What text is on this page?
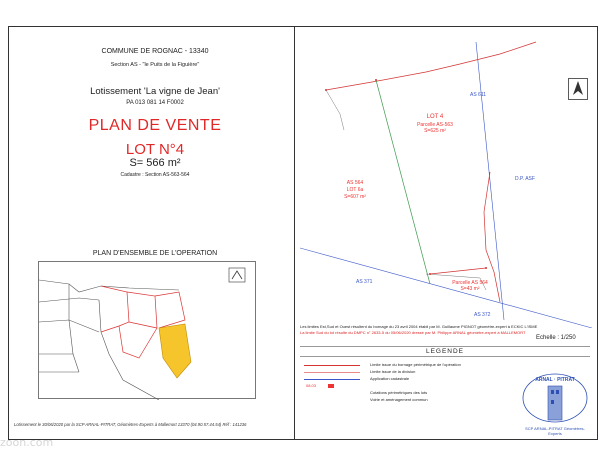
COMMUNE DE ROGNAC - 13340
Section AS - "le Puits de la Figuière"
Lotissement 'La vigne de Jean'
PA 013 081 14 F0002
PLAN DE VENTE
LOT N°4
S= 566 m²
Cadastre : Section AS-563-564
PLAN D'ENSEMBLE DE L'OPERATION
LOT 4
Parcelle AS-563
S=625 m²
AS 564
LOT 6a
S=607 m²
AS 611
D.P. ASF
AS 371
AS 372
Parcelle AS 564
S=43 m²
Les limites Est,Sud et Ouest résultent du bornage du 23 avril 2004 établi par M. Guillaume PIGNOT géomètre-expert à ECKIC L'ISME
La limite Sud du lot résulte du DMPC n° 2633-5 du 05/06/2020 dressé par M. Philippe ARNAL géomètre-expert à MALLEMORT
Echelle : 1/250
LEGENDE
Limite issue du bornage périmétrique de l'opération
Limite issue de la division
Application cadastrale
08.03
Cotations périmétriques des lots
Voirie et aménagement commun
ARNAL · PITRAT
SCP ARNAL-PITRAT Géomètres-Experts
Lotissement le 30/06/2020 par la SCP ARNAL-PITRAT, Géomètres-Experts à Mallemort 13370 (04.90.57.44.54) Réf : 141236
zoon.com
